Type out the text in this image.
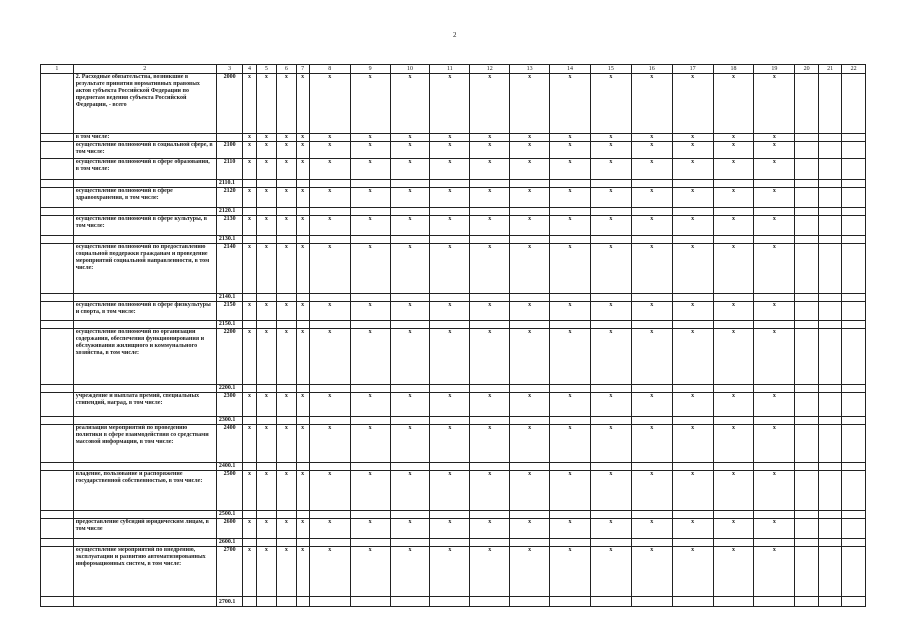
2
1	2	3	4	5	6	7	8	9	10	11	12	13	14	15	16	17	18	19	20	21	22
	2. Расходные обязательства, возникшие в результате принятия нормативных правовых актов субъекта Российской Федерации по предметам ведения субъекта Российской Федерации, - всего	2000	x	x	x	x	x	x	x	x	x	x	x	x	x	x	x	x			
	в том числе:		x	x	x	x	x	x	x	x	x	x	x	x	x	x	x	x			
	осуществление полномочий в социальной сфере, в том числе:	2100	x	x	x	x	x	x	x	x	x	x	x	x	x	x	x	x			
	осуществление полномочий в сфере образования, в том числе:	2110	x	x	x	x	x	x	x	x	x	x	x	x	x	x	x	x			
		2110.1																			
	осуществление полномочий в сфере здравоохранения, в том числе:	2120	x	x	x	x	x	x	x	x	x	x	x	x	x	x	x	x			
		2120.1																			
	осуществление полномочий в сфере культуры, в том числе:	2130	x	x	x	x	x	x	x	x	x	x	x	x	x	x	x	x			
		2130.1																			
	осуществление полномочий по предоставлению социальной поддержки гражданам и проведение мероприятий социальной направленности, в том числе:	2140	x	x	x	x	x	x	x	x	x	x	x	x	x	x	x	x			
		2140.1																			
	осуществление полномочий в сфере физкультуры и спорта, в том числе:	2150	x	x	x	x	x	x	x	x	x	x	x	x	x	x	x	x			
		2150.1																			
	осуществление полномочий по организации содержания, обеспечения функционирования и обслуживания жилищного и коммунального хозяйства, в том числе:	2200	x	x	x	x	x	x	x	x	x	x	x	x	x	x	x	x			
		2200.1																			
	учреждение и выплата премий, специальных стипендий, наград, в том числе:	2300	x	x	x	x	x	x	x	x	x	x	x	x	x	x	x	x			
		2300.1																			
	реализация мероприятий по проведению политики в сфере взаимодействия со средствами массовой информации, в том числе:	2400	x	x	x	x	x	x	x	x	x	x	x	x	x	x	x	x			
		2400.1																			
	владение, пользование и распоряжение государственной собственностью, в том числе:	2500	x	x	x	x	x	x	x	x	x	x	x	x	x	x	x	x			
		2500.1																			
	предоставление субсидий юридическим лицам, в том числе	2600	x	x	x	x	x	x	x	x	x	x	x	x	x	x	x	x			
		2600.1																			
	осуществление мероприятий по внедрению, эксплуатации и развитию автоматизированных информационных систем, в том числе:	2700	x	x	x	x	x	x	x	x	x	x	x	x	x	x	x	x			
		2700.1																			
